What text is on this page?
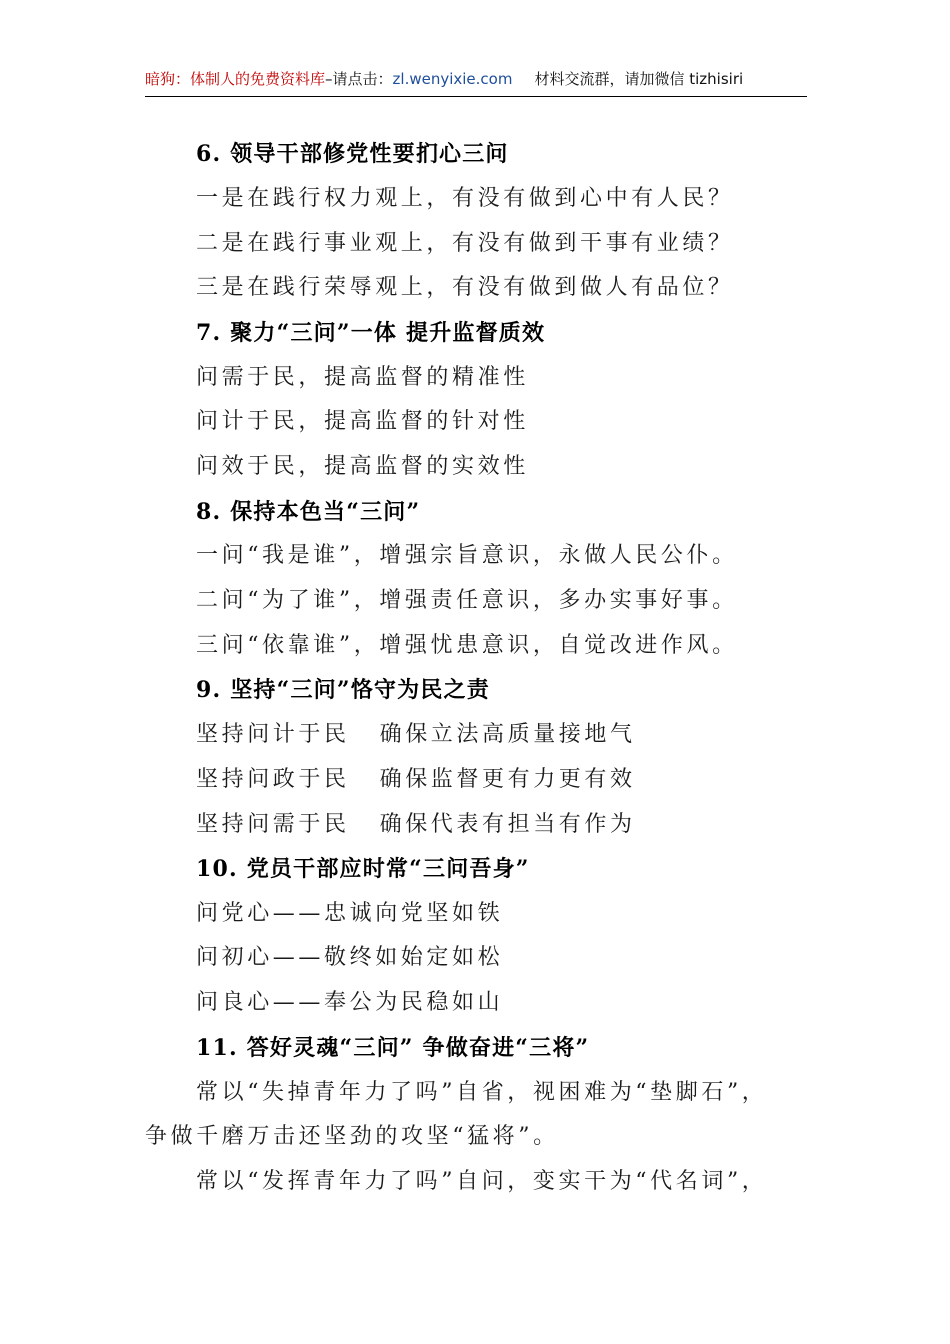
暗狗：体制人的免费资料库–请点击：zl.wenyixie.com 材料交流群，请加微信 tizhisiri
6. 领导干部修党性要扪心三问
一是在践行权力观上，有没有做到心中有人民？
二是在践行事业观上，有没有做到干事有业绩？
三是在践行荣辱观上，有没有做到做人有品位？
7. 聚力“三问”一体 提升监督质效
问需于民，提高监督的精准性
问计于民，提高监督的针对性
问效于民，提高监督的实效性
8. 保持本色当“三问”
一问“我是谁”，增强宗旨意识，永做人民公仆。
二问“为了谁”，增强责任意识，多办实事好事。
三问“依靠谁”，增强忧患意识，自觉改进作风。
9. 坚持“三问”恪守为民之责
坚持问计于民 确保立法高质量接地气
坚持问政于民 确保监督更有力更有效
坚持问需于民 确保代表有担当有作为
10. 党员干部应时常“三问吾身”
问党心——忠诚向党坚如铁
问初心——敬终如始定如松
问良心——奉公为民稳如山
11. 答好灵魂“三问” 争做奋进“三将”
常以“失掉青年力了吗”自省，视困难为“垫脚石”，
争做千磨万击还坚劲的攻坚“猛将”。
常以“发挥青年力了吗”自问，变实干为“代名词”，
